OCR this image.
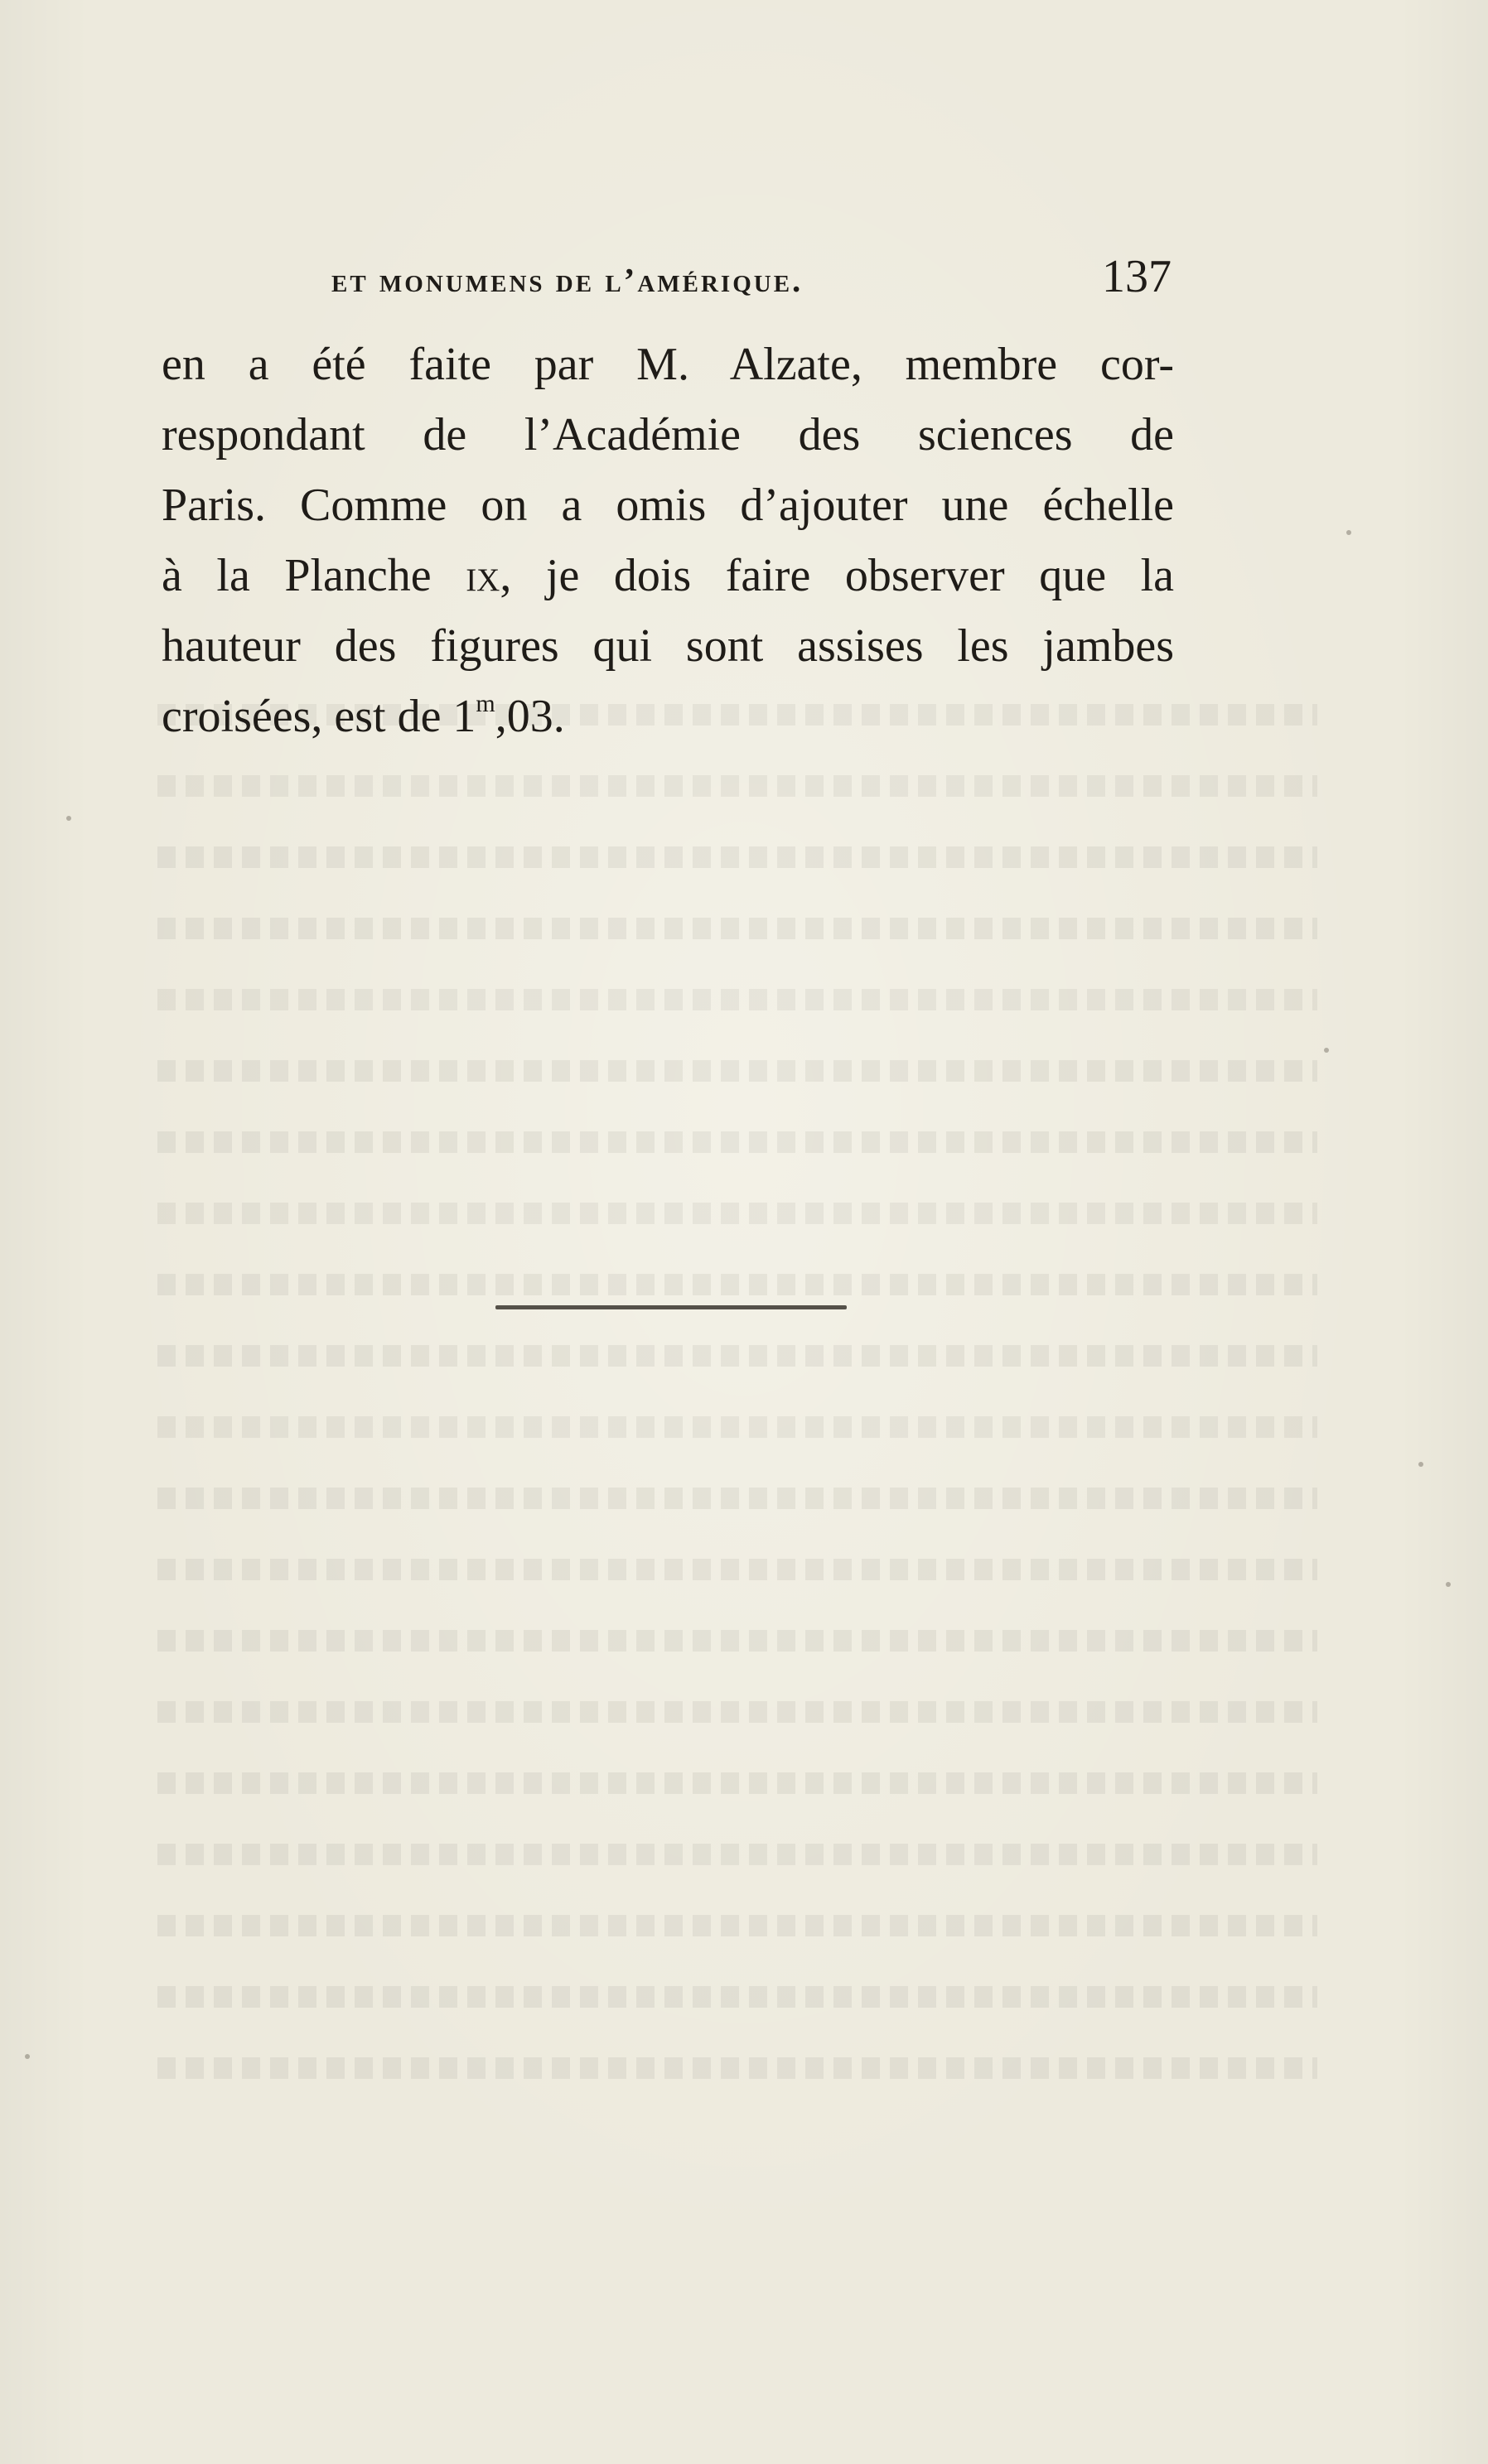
et monumens de l’amérique.	137
en a été faite par M. Alzate, membre cor-
respondant de l’Académie des sciences de
Paris. Comme on a omis d’ajouter une échelle
à la Planche ix, je dois faire observer que la
hauteur des figures qui sont assises les jambes
croisées, est de 1$^m$,03.
